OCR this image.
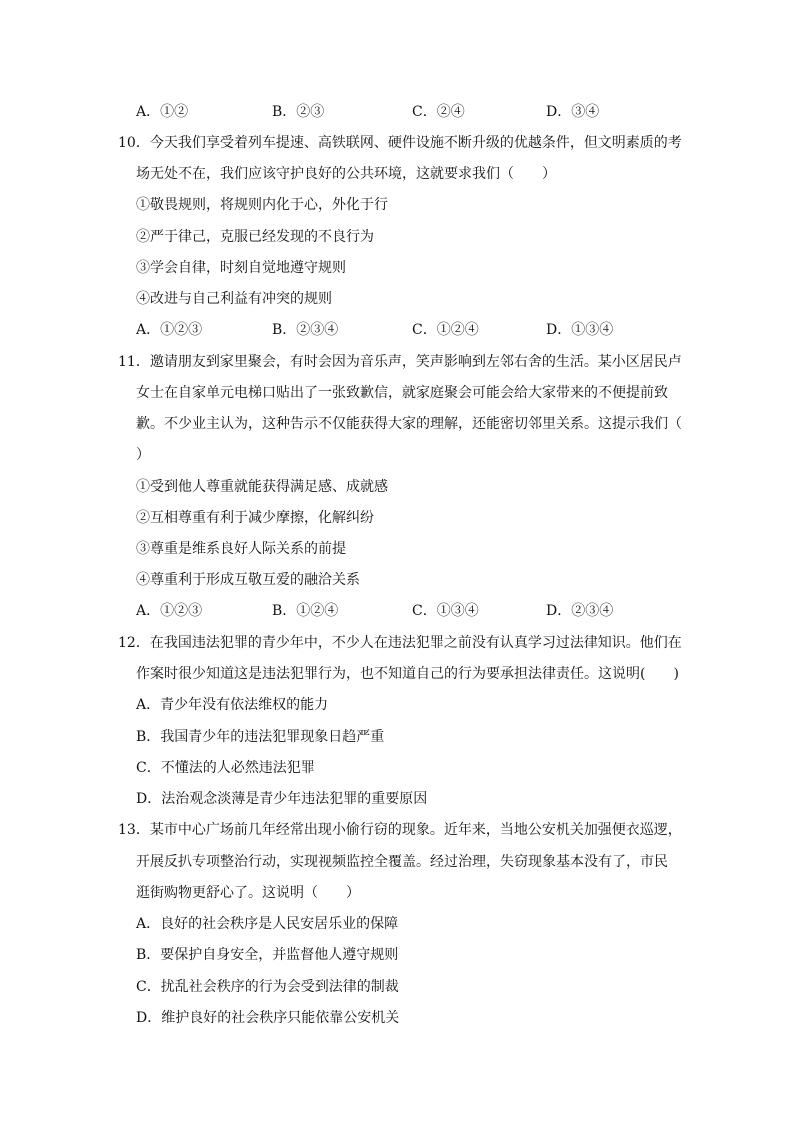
A．①②	B．②③	C．②④	D．③④
10．今天我们享受着列车提速、高铁联网、硬件设施不断升级的优越条件，但文明素质的考
场无处不在，我们应该守护良好的公共环境，这就要求我们（　　）
①敬畏规则，将规则内化于心，外化于行
②严于律己，克服已经发现的不良行为
③学会自律，时刻自觉地遵守规则
④改进与自己利益有冲突的规则
A．①②③	B．②③④	C．①②④	D．①③④
11．邀请朋友到家里聚会，有时会因为音乐声，笑声影响到左邻右舍的生活。某小区居民卢
女士在自家单元电梯口贴出了一张致歉信，就家庭聚会可能会给大家带来的不便提前致
歉。不少业主认为，这种告示不仅能获得大家的理解，还能密切邻里关系。这提示我们（
）
①受到他人尊重就能获得满足感、成就感
②互相尊重有利于减少摩擦，化解纠纷
③尊重是维系良好人际关系的前提
④尊重利于形成互敬互爱的融洽关系
A．①②③	B．①②④	C．①③④	D．②③④
12．在我国违法犯罪的青少年中，不少人在违法犯罪之前没有认真学习过法律知识。他们在
作案时很少知道这是违法犯罪行为，也不知道自己的行为要承担法律责任。这说明(　　)
A．青少年没有依法维权的能力
B．我国青少年的违法犯罪现象日趋严重
C．不懂法的人必然违法犯罪
D．法治观念淡薄是青少年违法犯罪的重要原因
13．某市中心广场前几年经常出现小偷行窃的现象。近年来，当地公安机关加强便衣巡逻，
开展反扒专项整治行动，实现视频监控全覆盖。经过治理，失窃现象基本没有了，市民
逛街购物更舒心了。这说明（　　）
A．良好的社会秩序是人民安居乐业的保障
B．要保护自身安全，并监督他人遵守规则
C．扰乱社会秩序的行为会受到法律的制裁
D．维护良好的社会秩序只能依靠公安机关
